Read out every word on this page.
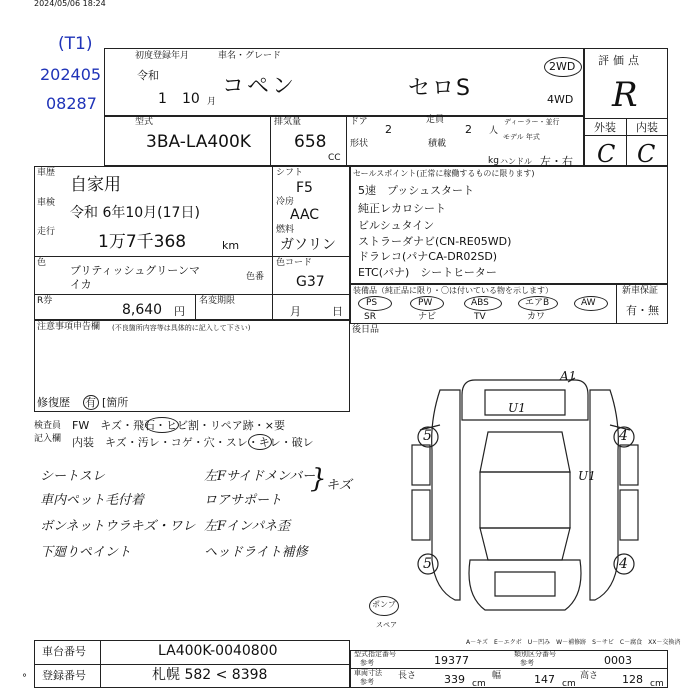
2024/05/06 18:24
(T1)
202405
08287
初度登録年月	車名・グレード
令和
1 10 月
コペン	セロS
2WD
4WD
評価点
R
外装 内装
C C
型式
3BA-LA400K
排気量
658
CC
ドア
2
定員
2 人
ディーラー・並行
モデル 年式
形状	積載
kg ハンドル 左・右
車歴
自家用
車検
令和 6年10月(17日)
走行	1万7千368	km
シフト
F5
冷房
AAC
燃料
ガソリン
色
ブリティッシュグリーンマ
イカ
色番
色コード
G37
R券
8,640 円
名変期限
月	日
セールスポイント(正常に稼働するものに限ります)
5速　プッシュスタート
純正レカロシート
ビルシュタイン
ストラーダナビ(CN-RE05WD)
ドラレコ(パナCA-DR02SD)
ETC(パナ)　シートヒーター
装備品（純正品に限り・〇は付いている物を示します）
PS
SR
PW
ナビ
ABS
TV
エアB
カワ
AW
新車保証
有・無
注意事項申告欄 (不良箇所内容等は具体的に記入して下さい)
修復歴 有 [箇所
後日品
検査員
記入欄
FW　キズ・飛石・ヒビ割・リペア跡・×要
内装　キズ・汚レ・コゲ・穴・スレ・キレ・破レ
シートスレ
車内ペット毛付着
ボンネットウラキズ・ワレ
下廻りペイント
左Fサイドメンバー
ロアサポート
左Fインパネ歪
ヘッドライト補修
} キズ
A1
U1
U1
5	4
5	4
ポンプ
スペア
A－キズ　E－エクボ　U－凹み　W－補修跡　S－サビ　C－腐食　XX－交換済
車台番号	LA400K-0040800
登録番号	札幌 582 < 8398
型式指定番号
参考	19377	類別区分番号
参考	0003
車両寸法
参考
長さ	339 cm
幅	147 cm
高さ 128 cm
°
